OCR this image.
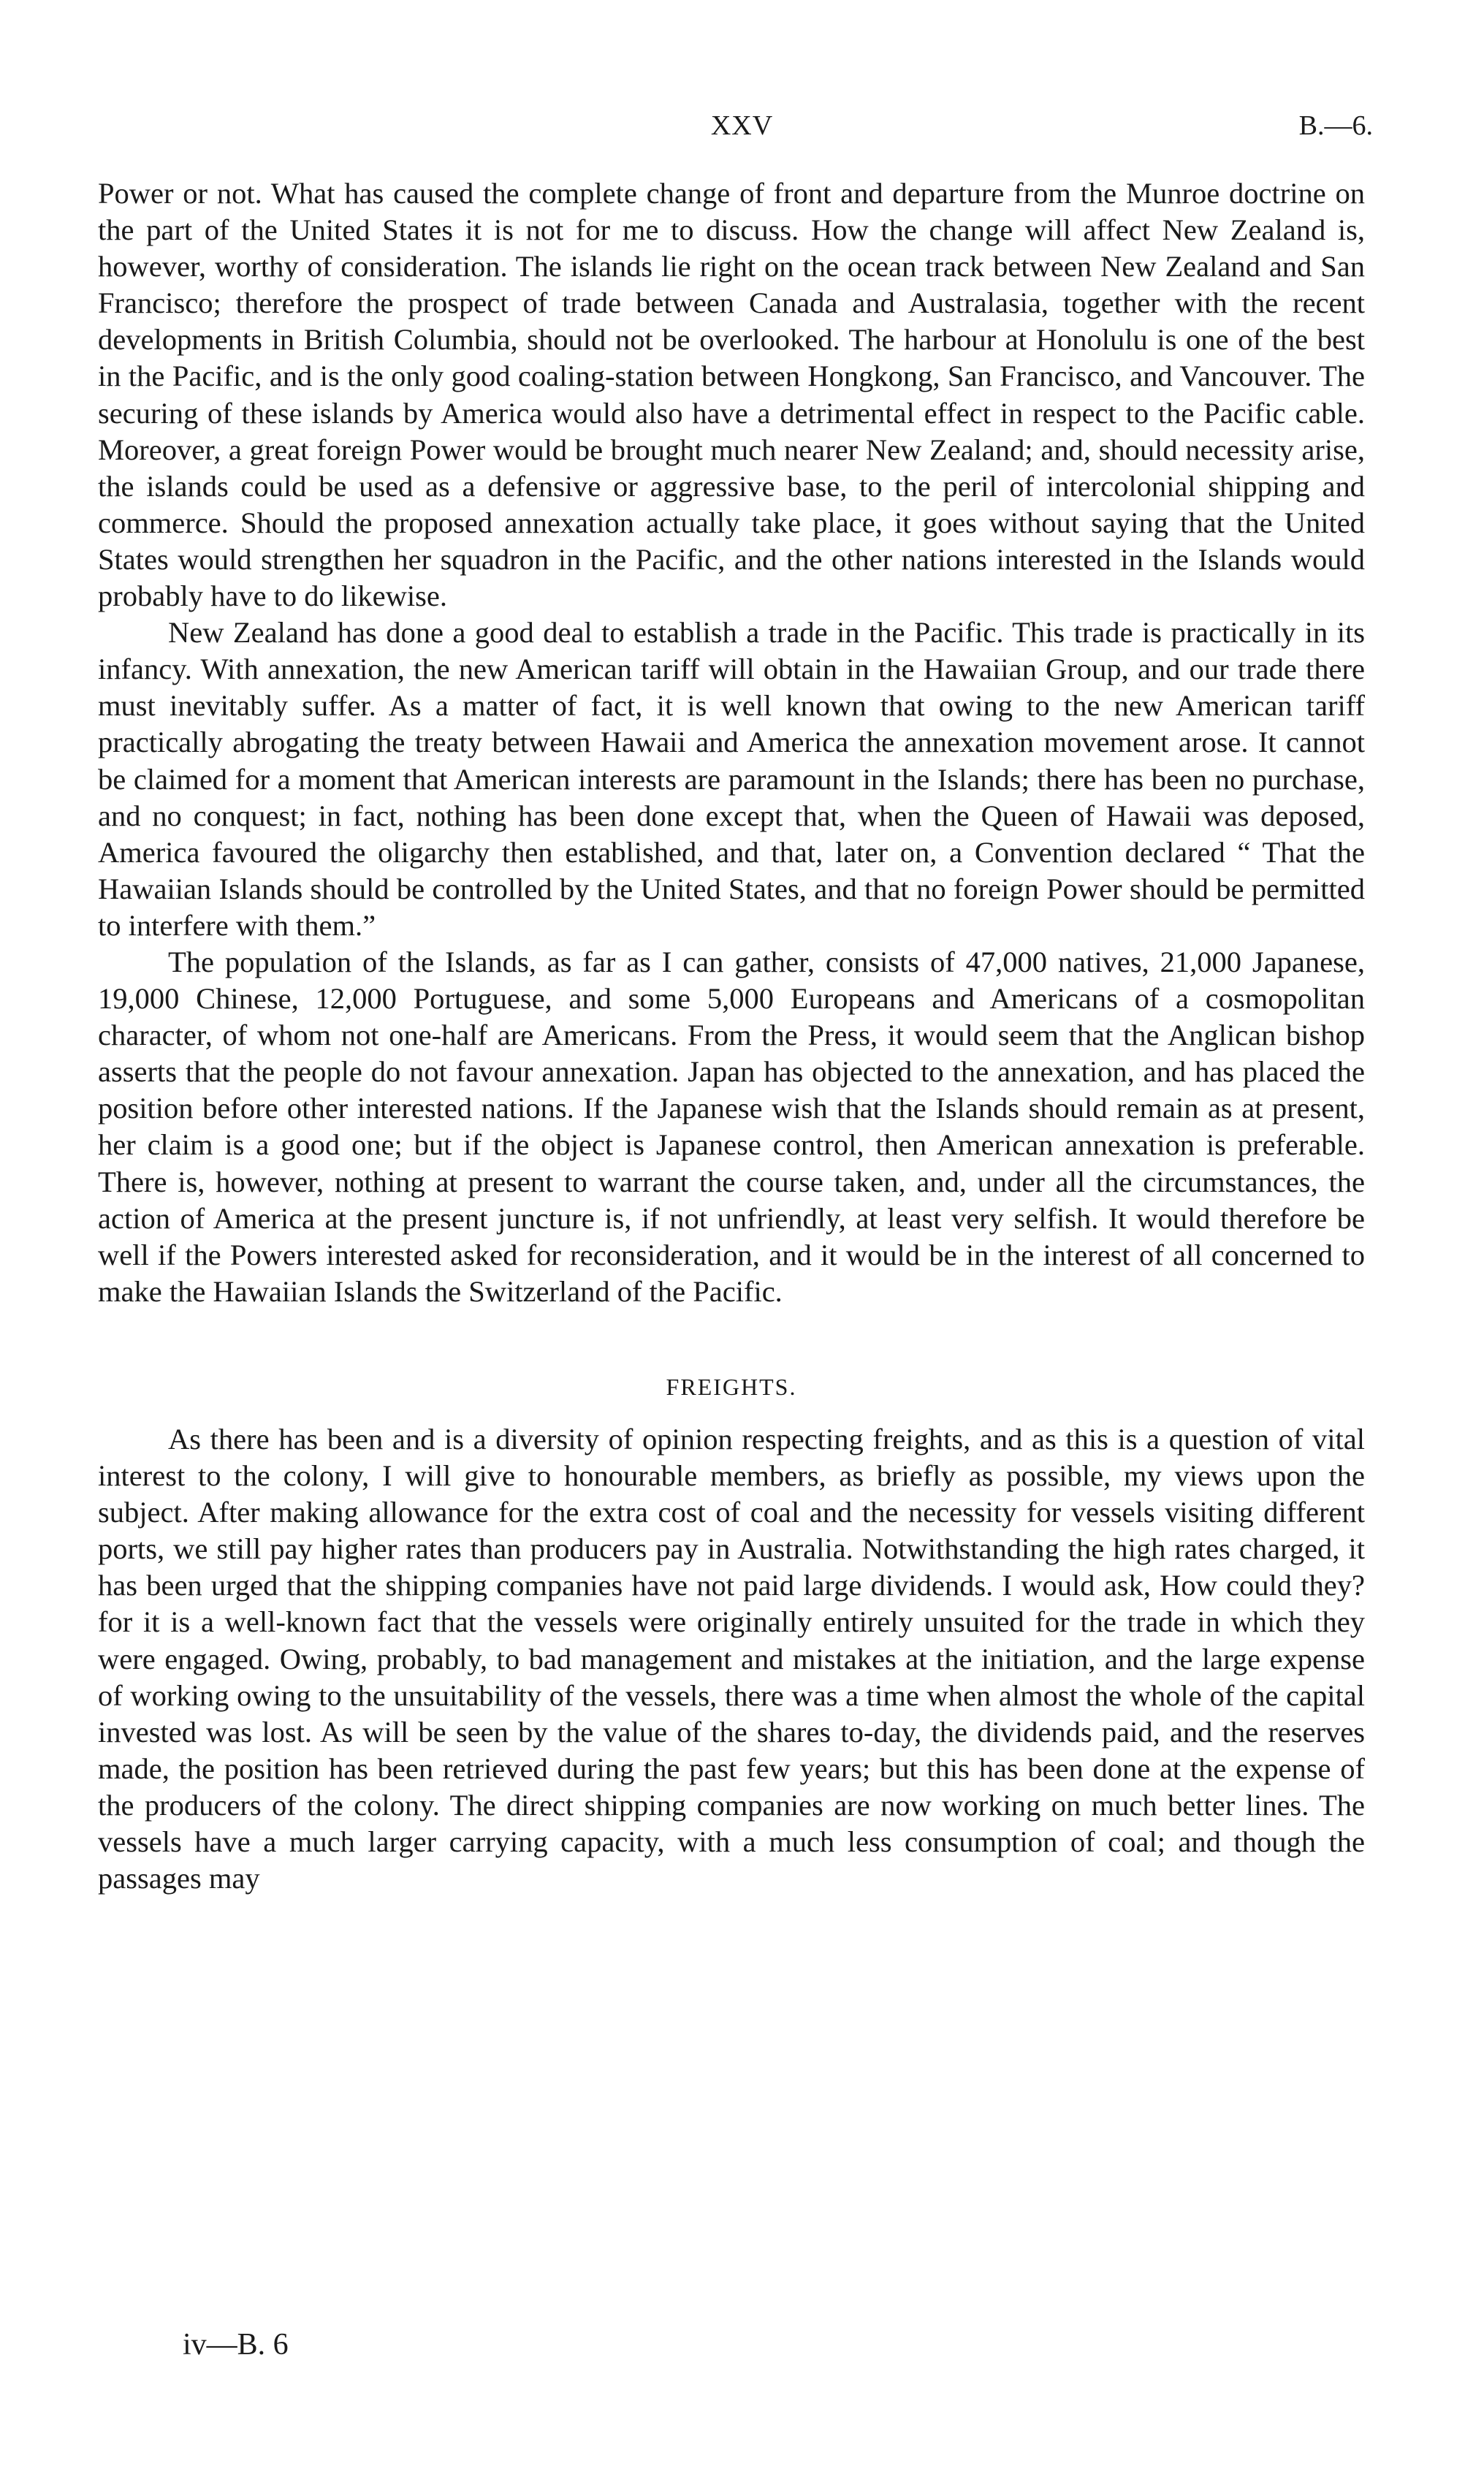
XXV	B.—6.

Power or not. What has caused the complete change of front and departure from the Munroe doctrine on the part of the United States it is not for me to discuss. How the change will affect New Zealand is, however, worthy of consideration. The islands lie right on the ocean track between New Zealand and San Francisco; therefore the prospect of trade between Canada and Australasia, together with the recent developments in British Columbia, should not be overlooked. The harbour at Honolulu is one of the best in the Pacific, and is the only good coaling-station between Hongkong, San Francisco, and Vancouver. The securing of these islands by America would also have a detrimental effect in respect to the Pacific cable. Moreover, a great foreign Power would be brought much nearer New Zealand; and, should necessity arise, the islands could be used as a defensive or aggressive base, to the peril of intercolonial shipping and commerce. Should the proposed annexation actually take place, it goes without saying that the United States would strengthen her squadron in the Pacific, and the other nations interested in the Islands would probably have to do likewise.

New Zealand has done a good deal to establish a trade in the Pacific. This trade is practically in its infancy. With annexation, the new American tariff will obtain in the Hawaiian Group, and our trade there must inevitably suffer. As a matter of fact, it is well known that owing to the new American tariff practically abrogating the treaty between Hawaii and America the annexation movement arose. It cannot be claimed for a moment that American interests are paramount in the Islands; there has been no purchase, and no conquest; in fact, nothing has been done except that, when the Queen of Hawaii was deposed, America favoured the oligarchy then established, and that, later on, a Convention declared “ That the Hawaiian Islands should be controlled by the United States, and that no foreign Power should be permitted to interfere with them.”

The population of the Islands, as far as I can gather, consists of 47,000 natives, 21,000 Japanese, 19,000 Chinese, 12,000 Portuguese, and some 5,000 Europeans and Americans of a cosmopolitan character, of whom not one-half are Americans. From the Press, it would seem that the Anglican bishop asserts that the people do not favour annexation. Japan has objected to the annexation, and has placed the position before other interested nations. If the Japanese wish that the Islands should remain as at present, her claim is a good one; but if the object is Japanese control, then American annexation is preferable. There is, however, nothing at present to warrant the course taken, and, under all the circumstances, the action of America at the present juncture is, if not unfriendly, at least very selfish. It would therefore be well if the Powers interested asked for reconsideration, and it would be in the interest of all concerned to make the Hawaiian Islands the Switzerland of the Pacific.

FREIGHTS.

As there has been and is a diversity of opinion respecting freights, and as this is a question of vital interest to the colony, I will give to honourable members, as briefly as possible, my views upon the subject. After making allowance for the extra cost of coal and the necessity for vessels visiting different ports, we still pay higher rates than producers pay in Australia. Notwithstanding the high rates charged, it has been urged that the shipping companies have not paid large dividends. I would ask, How could they? for it is a well-known fact that the vessels were originally entirely unsuited for the trade in which they were engaged. Owing, probably, to bad management and mistakes at the initiation, and the large expense of working owing to the unsuitability of the vessels, there was a time when almost the whole of the capital invested was lost. As will be seen by the value of the shares to-day, the dividends paid, and the reserves made, the position has been retrieved during the past few years; but this has been done at the expense of the producers of the colony. The direct shipping companies are now working on much better lines. The vessels have a much larger carrying capacity, with a much less consumption of coal; and though the passages may

iv—B. 6
